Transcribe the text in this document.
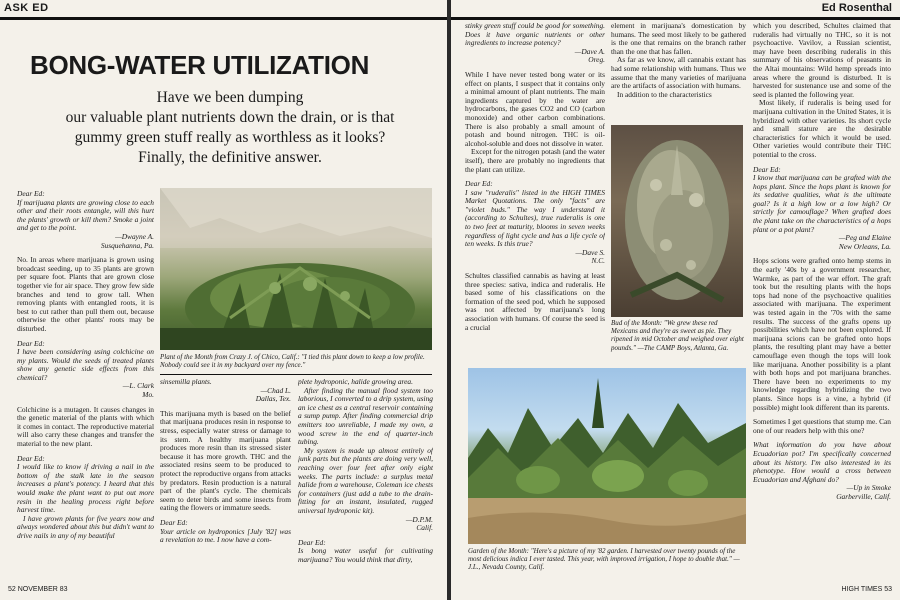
ASK ED
BONG-WATER UTILIZATION
Have we been dumping
our valuable plant nutrients down the drain, or is that
gummy green stuff really as worthless as it looks?
Finally, the definitive answer.
Dear Ed:
If marijuana plants are growing close to each other and their roots entangle, will this hurt the plants' growth or kill them? Smoke a joint and get to the point.
—Dwayne A.
Susquehanna, Pa.
No. In areas where marijuana is grown using broadcast seeding, up to 35 plants are grown per square foot. Plants that are grown close together vie for air space. They grow few side branches and tend to grow tall. When removing plants with entangled roots, it is best to cut rather than pull them out, because otherwise the other plants' roots may be disturbed.
Dear Ed:
I have been considering using colchicine on my plants. Would the seeds of treated plants show any genetic side effects from this chemical?
—L. Clark
Mo.
Colchicine is a mutagen. It causes changes in the genetic material of the plants with which it comes in contact. The reproductive material will also carry these changes and transfer the material to the new plant.
Dear Ed:
I would like to know if driving a nail in the bottom of the stalk late in the season increases a plant's potency. I heard that this would make the plant want to put out more resin in the healing process right before harvest time.
I have grown plants for five years now and always wondered about this but didn't want to drive nails in any of my beautiful
Plant of the Month from Crazy J. of Chico, Calif.: "I tied this plant down to keep a low profile. Nobody could see it in my backyard over my fence."
sinsemilla plants.
—Chad L.
Dallas, Tex.
This marijuana myth is based on the belief that marijuana produces resin in response to stress, especially water stress or damage to its stem. A healthy marijuana plant produces more resin than its stressed sister because it has more growth. THC and the associated resins seem to be produced to protect the reproductive organs from attacks by predators. Resin production is a natural part of the plant's cycle. The chemicals seem to deter birds and some insects from eating the flowers or immature seeds.
Dear Ed:
Your article on hydroponics [July '82] was a revelation to me. I now have a com-
plete hydroponic, halide growing area.
After finding the manual flood system too laborious, I converted to a drip system, using an ice chest as a central reservoir containing a sump pump. After finding commercial drip emitters too unreliable, I made my own, a wood screw in the end of quarter-inch tubing.
My system is made up almost entirely of junk parts but the plants are doing very well, reaching over four feet after only eight weeks. The parts include: a surplus metal halide from a warehouse, Coleman ice chests for containers (just add a tube to the drain-fitting for an instant, insulated, rugged universal hydroponic kit).
—D.P.M.
Calif.
Dear Ed:
Is bong water useful for cultivating marijuana? You would think that dirty,
52 NOVEMBER 83
Ed Rosenthal
stinky green stuff could be good for something. Does it have organic nutrients or other ingredients to increase potency?
—Dave A.
Oreg.
While I have never tested bong water or its effect on plants, I suspect that it contains only a minimal amount of plant nutrients. The main ingredients captured by the water are hydrocarbons, the gases CO2 and CO (carbon monoxide) and other carbon combinations. There is also probably a small amount of potash and bound nitrogen. THC is oil-alcohol-soluble and does not dissolve in water.
Except for the nitrogen potash (and the water itself), there are probably no ingredients that the plant can utilize.
Dear Ed:
I saw "ruderalis" listed in the HIGH TIMES Market Quotations. The only "facts" are "violet buds." The way I understand it (according to Schultes), true ruderalis is one to two feet at maturity, blooms in seven weeks regardless of light cycle and has a life cycle of ten weeks. Is this true?
—Dave S.
N.C.
Schultes classified cannabis as having at least three species: sativa, indica and ruderalis. He based some of his classifications on the formation of the seed pod, which he supposed was not affected by marijuana's long association with humans. Of course the seed is a crucial
element in marijuana's domestication by humans. The seed most likely to be gathered is the one that remains on the branch rather than the one that has fallen.
As far as we know, all cannabis extant has had some relationship with humans. Thus we assume that the many varieties of marijuana are the artifacts of association with humans.
In addition to the characteristics
Bud of the Month: "We grew these red Mexicans and they're as sweet as pie. They ripened in mid October and weighed over eight pounds." —The CAMP Boys, Atlanta, Ga.
Garden of the Month: "Here's a picture of my '82 garden. I harvested over twenty pounds of the most delicious indica I ever tasted. This year, with improved irrigation, I hope to double that." —J.L., Nevada County, Calif.
which you described, Schultes claimed that ruderalis had virtually no THC, so it is not psychoactive. Vavilov, a Russian scientist, may have been describing ruderalis in this summary of his observations of peasants in the Altai mountains: Wild hemp spreads into areas where the ground is disturbed. It is harvested for sustenance use and some of the seed is planted the following year.
Most likely, if ruderalis is being used for marijuana cultivation in the United States, it is hybridized with other varieties. Its short cycle and small stature are the desirable characteristics for which it would be used. Other varieties would contribute their THC potential to the cross.
Dear Ed:
I know that marijuana can be grafted with the hops plant. Since the hops plant is known for its sedative qualities, what is the ultimate goal? Is it a high low or a low high? Or strictly for camouflage? When grafted does the plant take on the characteristics of a hops plant or a pot plant?
—Peg and Elaine
New Orleans, La.
Hops scions were grafted onto hemp stems in the early '40s by a government researcher, Warmke, as part of the war effort. The graft took but the resulting plants with the hops tops had none of the psychoactive qualities associated with marijuana. The experiment was tested again in the '70s with the same results. The success of the grafts opens up possibilities which have not been explored. If marijuana scions can be grafted onto hops plants, the resulting plant may have a better camouflage even though the tops will look like marijuana. Another possibility is a plant with both hops and pot marijuana branches. There have been no experiments to my knowledge regarding hybridizing the two plants. Since hops is a vine, a hybrid (if possible) might look different than its parents.
Sometimes I get questions that stump me. Can one of our readers help with this one?
What information do you have about Ecuadorian pot? I'm specifically concerned about its history. I'm also interested in its phenotype. How would a cross between Ecuadorian and Afghani do?
—Up in Smoke
Garberville, Calif.
HIGH TIMES 53
